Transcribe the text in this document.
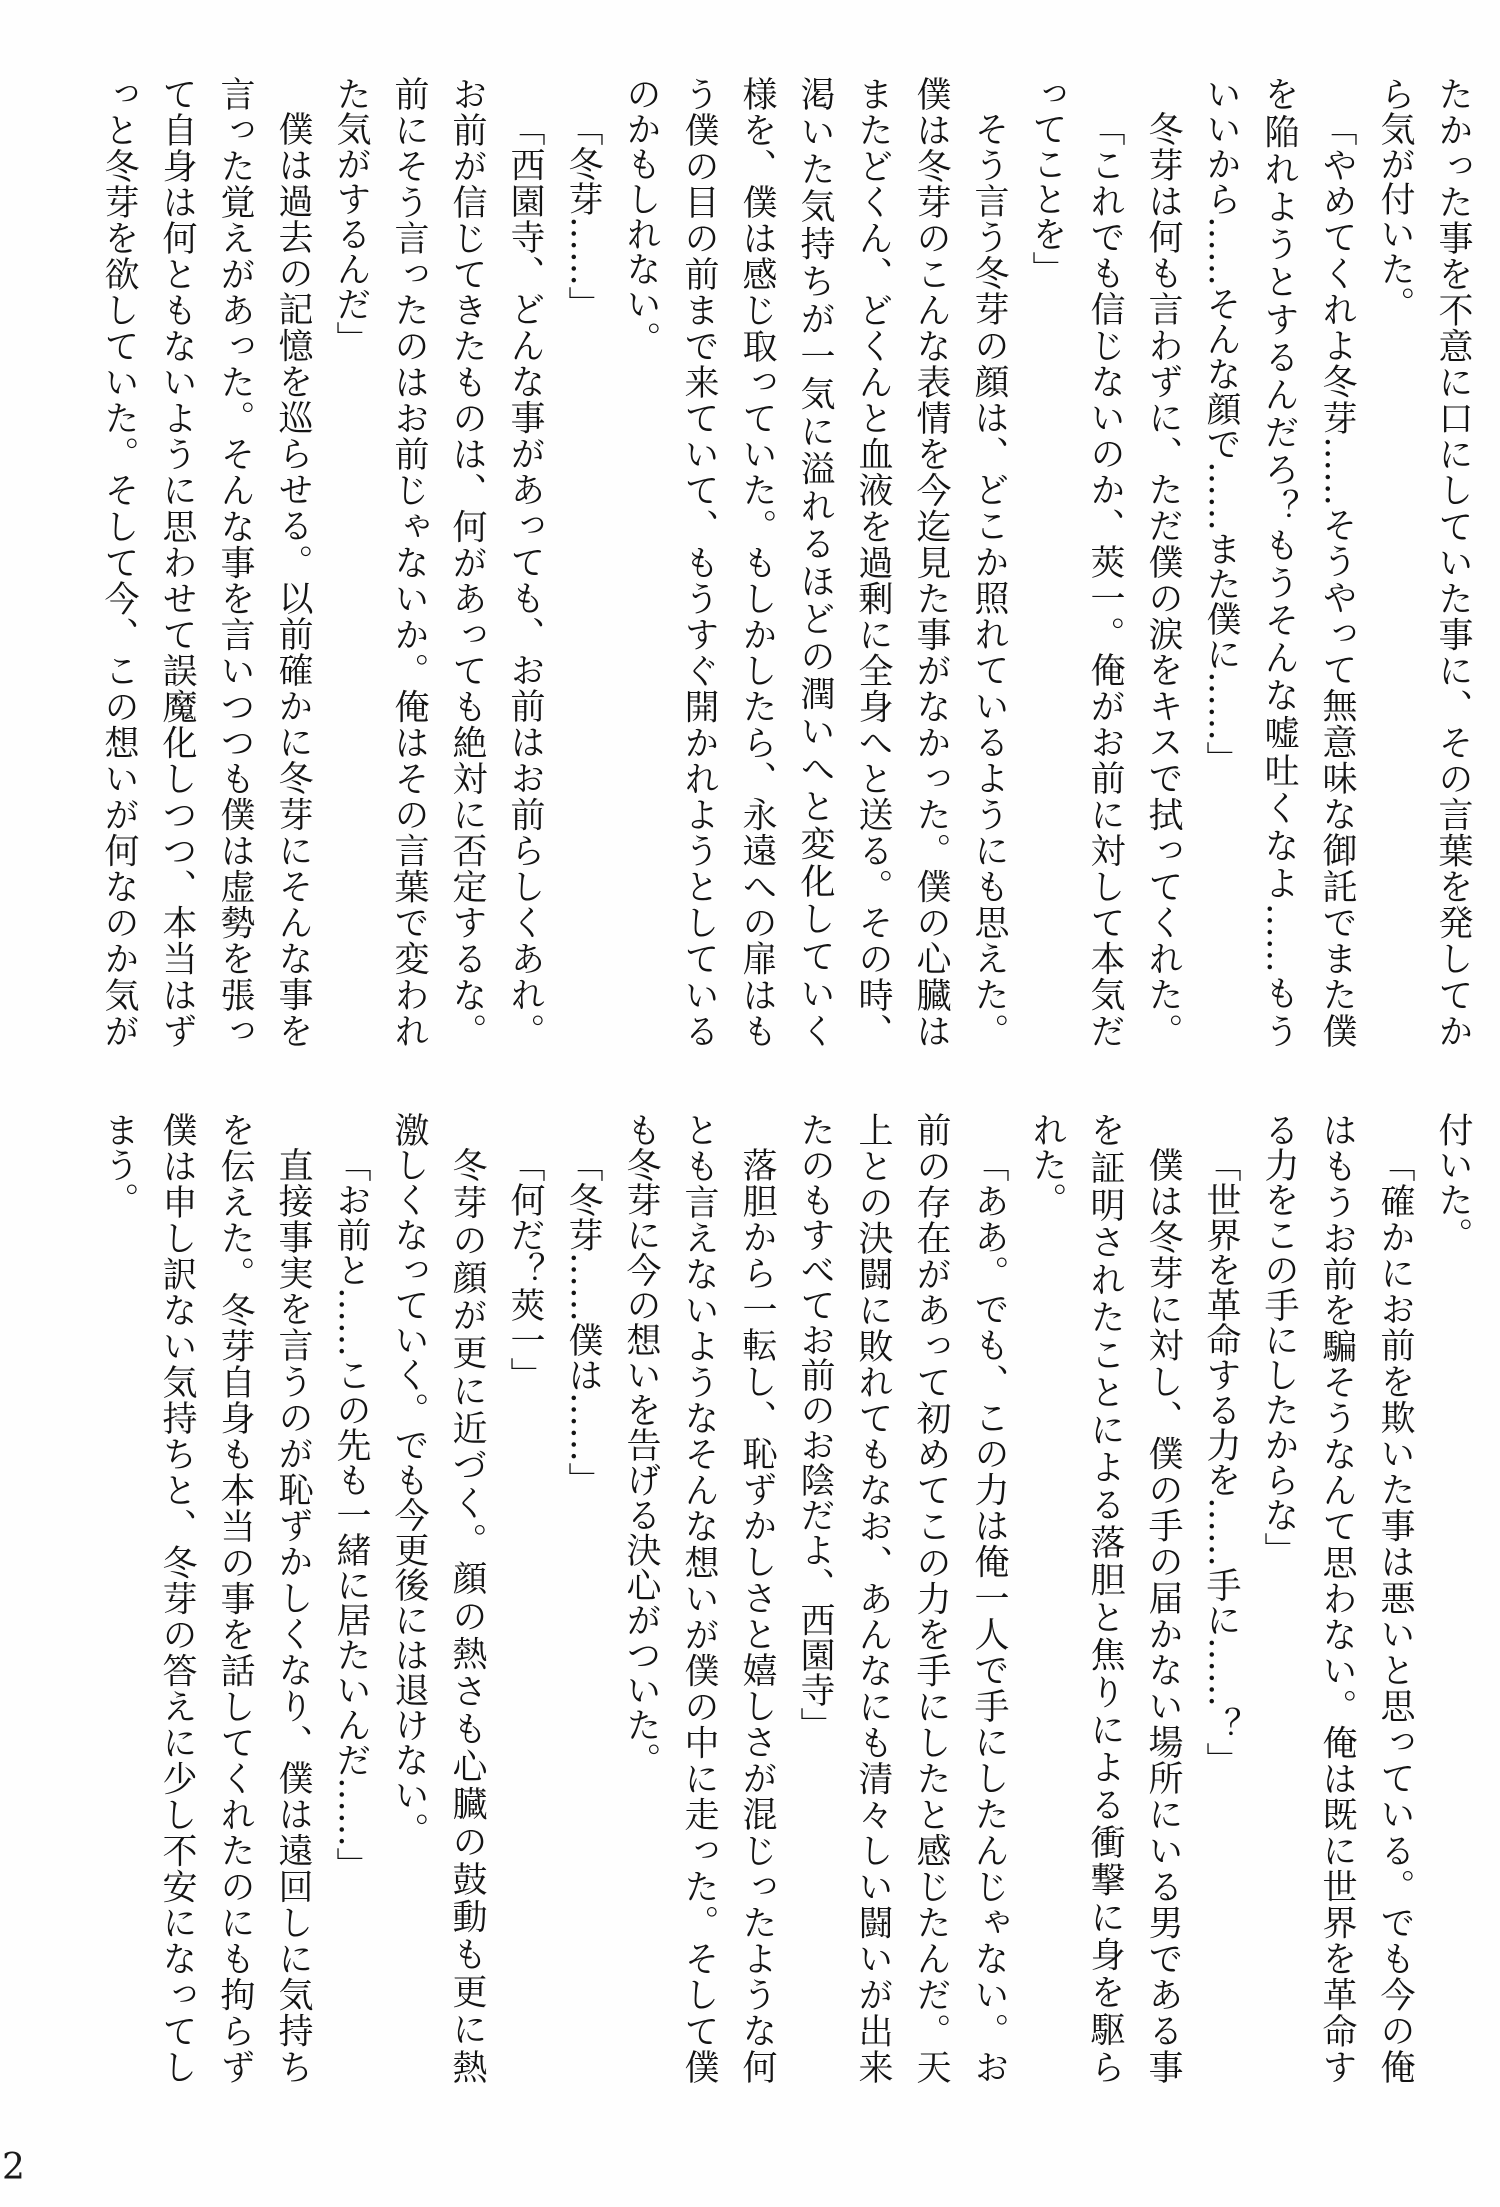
たかった事を不意に口にしていた事に、その言葉を発してか
ら気が付いた。
「やめてくれよ冬芽……そうやって無意味な御託でまた僕
を陥れようとするんだろ？もうそんな嘘吐くなよ……もう
いいから……そんな顔で……また僕に……」
冬芽は何も言わずに、ただ僕の涙をキスで拭ってくれた。
「これでも信じないのか、莢一。俺がお前に対して本気だ
ってことを」
そう言う冬芽の顔は、どこか照れているようにも思えた。
僕は冬芽のこんな表情を今迄見た事がなかった。僕の心臓は
またどくん、どくんと血液を過剰に全身へと送る。その時、
渇いた気持ちが一気に溢れるほどの潤いへと変化していく
様を、僕は感じ取っていた。もしかしたら、永遠への扉はも
う僕の目の前まで来ていて、もうすぐ開かれようとしている
のかもしれない。
「冬芽……」
「西園寺、どんな事があっても、お前はお前らしくあれ。
お前が信じてきたものは、何があっても絶対に否定するな。
前にそう言ったのはお前じゃないか。俺はその言葉で変われ
た気がするんだ」
僕は過去の記憶を巡らせる。以前確かに冬芽にそんな事を
言った覚えがあった。そんな事を言いつつも僕は虚勢を張っ
て自身は何ともないように思わせて誤魔化しつつ、本当はず
っと冬芽を欲していた。そして今、この想いが何なのか気が
付いた。
「確かにお前を欺いた事は悪いと思っている。でも今の俺
はもうお前を騙そうなんて思わない。俺は既に世界を革命す
る力をこの手にしたからな」
「世界を革命する力を……手に……？」
僕は冬芽に対し、僕の手の届かない場所にいる男である事
を証明されたことによる落胆と焦りによる衝撃に身を駆ら
れた。
「ああ。でも、この力は俺一人で手にしたんじゃない。お
前の存在があって初めてこの力を手にしたと感じたんだ。天
上との決闘に敗れてもなお、あんなにも清々しい闘いが出来
たのもすべてお前のお陰だよ、西園寺」
落胆から一転し、恥ずかしさと嬉しさが混じったような何
とも言えないようなそんな想いが僕の中に走った。そして僕
も冬芽に今の想いを告げる決心がついた。
「冬芽……僕は……」
「何だ？莢一」
冬芽の顔が更に近づく。顔の熱さも心臓の鼓動も更に熱
激しくなっていく。でも今更後には退けない。
「お前と……この先も一緒に居たいんだ……」
直接事実を言うのが恥ずかしくなり、僕は遠回しに気持ち
を伝えた。冬芽自身も本当の事を話してくれたのにも拘らず
僕は申し訳ない気持ちと、冬芽の答えに少し不安になってし
まう。
2
